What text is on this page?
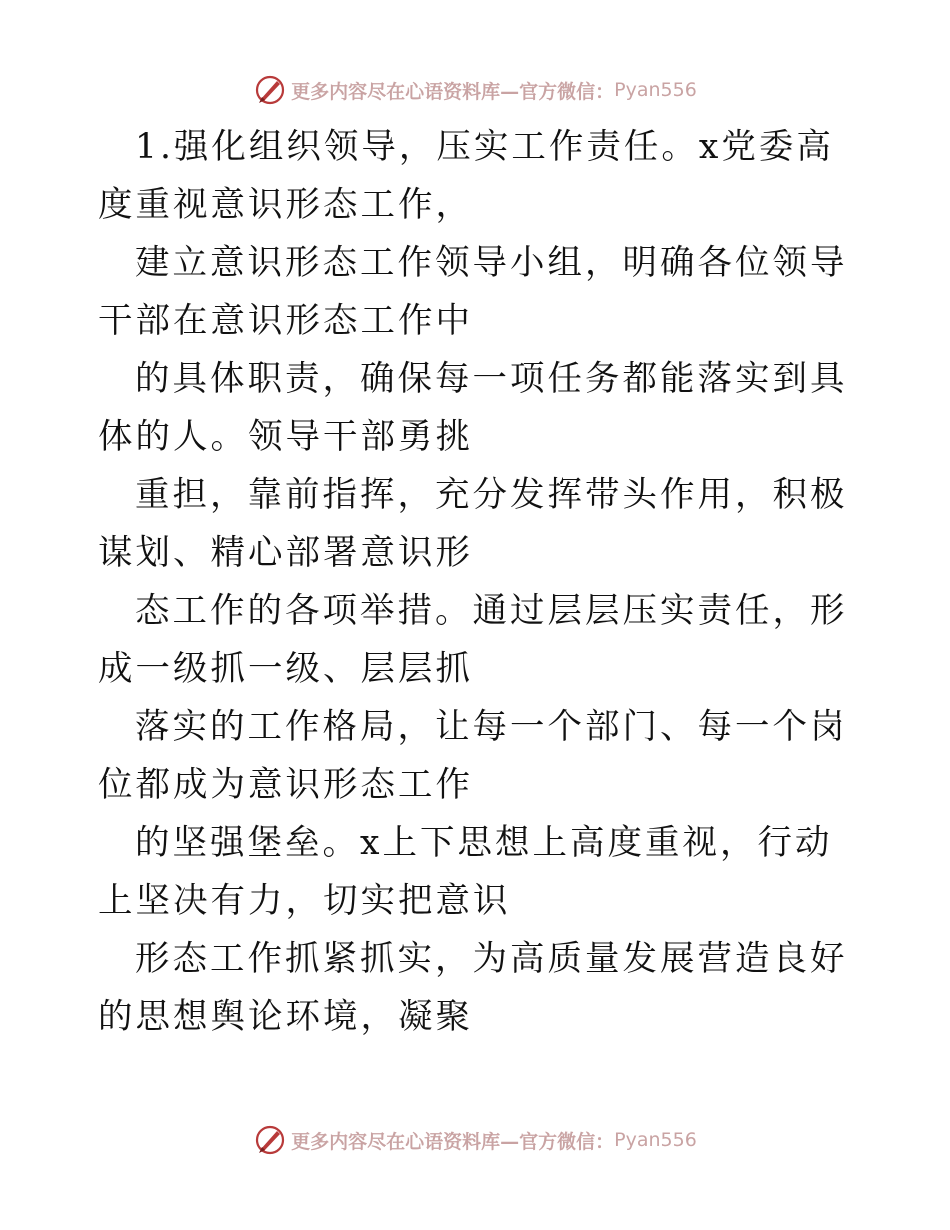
更多内容尽在心语资料库—官方微信： Pyan556

1.强化组织领导，压实工作责任。x党委高度重视意识形态工作，

建立意识形态工作领导小组，明确各位领导干部在意识形态工作中

的具体职责，确保每一项任务都能落实到具体的人。领导干部勇挑

重担，靠前指挥，充分发挥带头作用，积极谋划、精心部署意识形

态工作的各项举措。通过层层压实责任，形成一级抓一级、层层抓

落实的工作格局，让每一个部门、每一个岗位都成为意识形态工作

的坚强堡垒。x上下思想上高度重视，行动上坚决有力，切实把意识

形态工作抓紧抓实，为高质量发展营造良好的思想舆论环境，凝聚

更多内容尽在心语资料库—官方微信： Pyan556
